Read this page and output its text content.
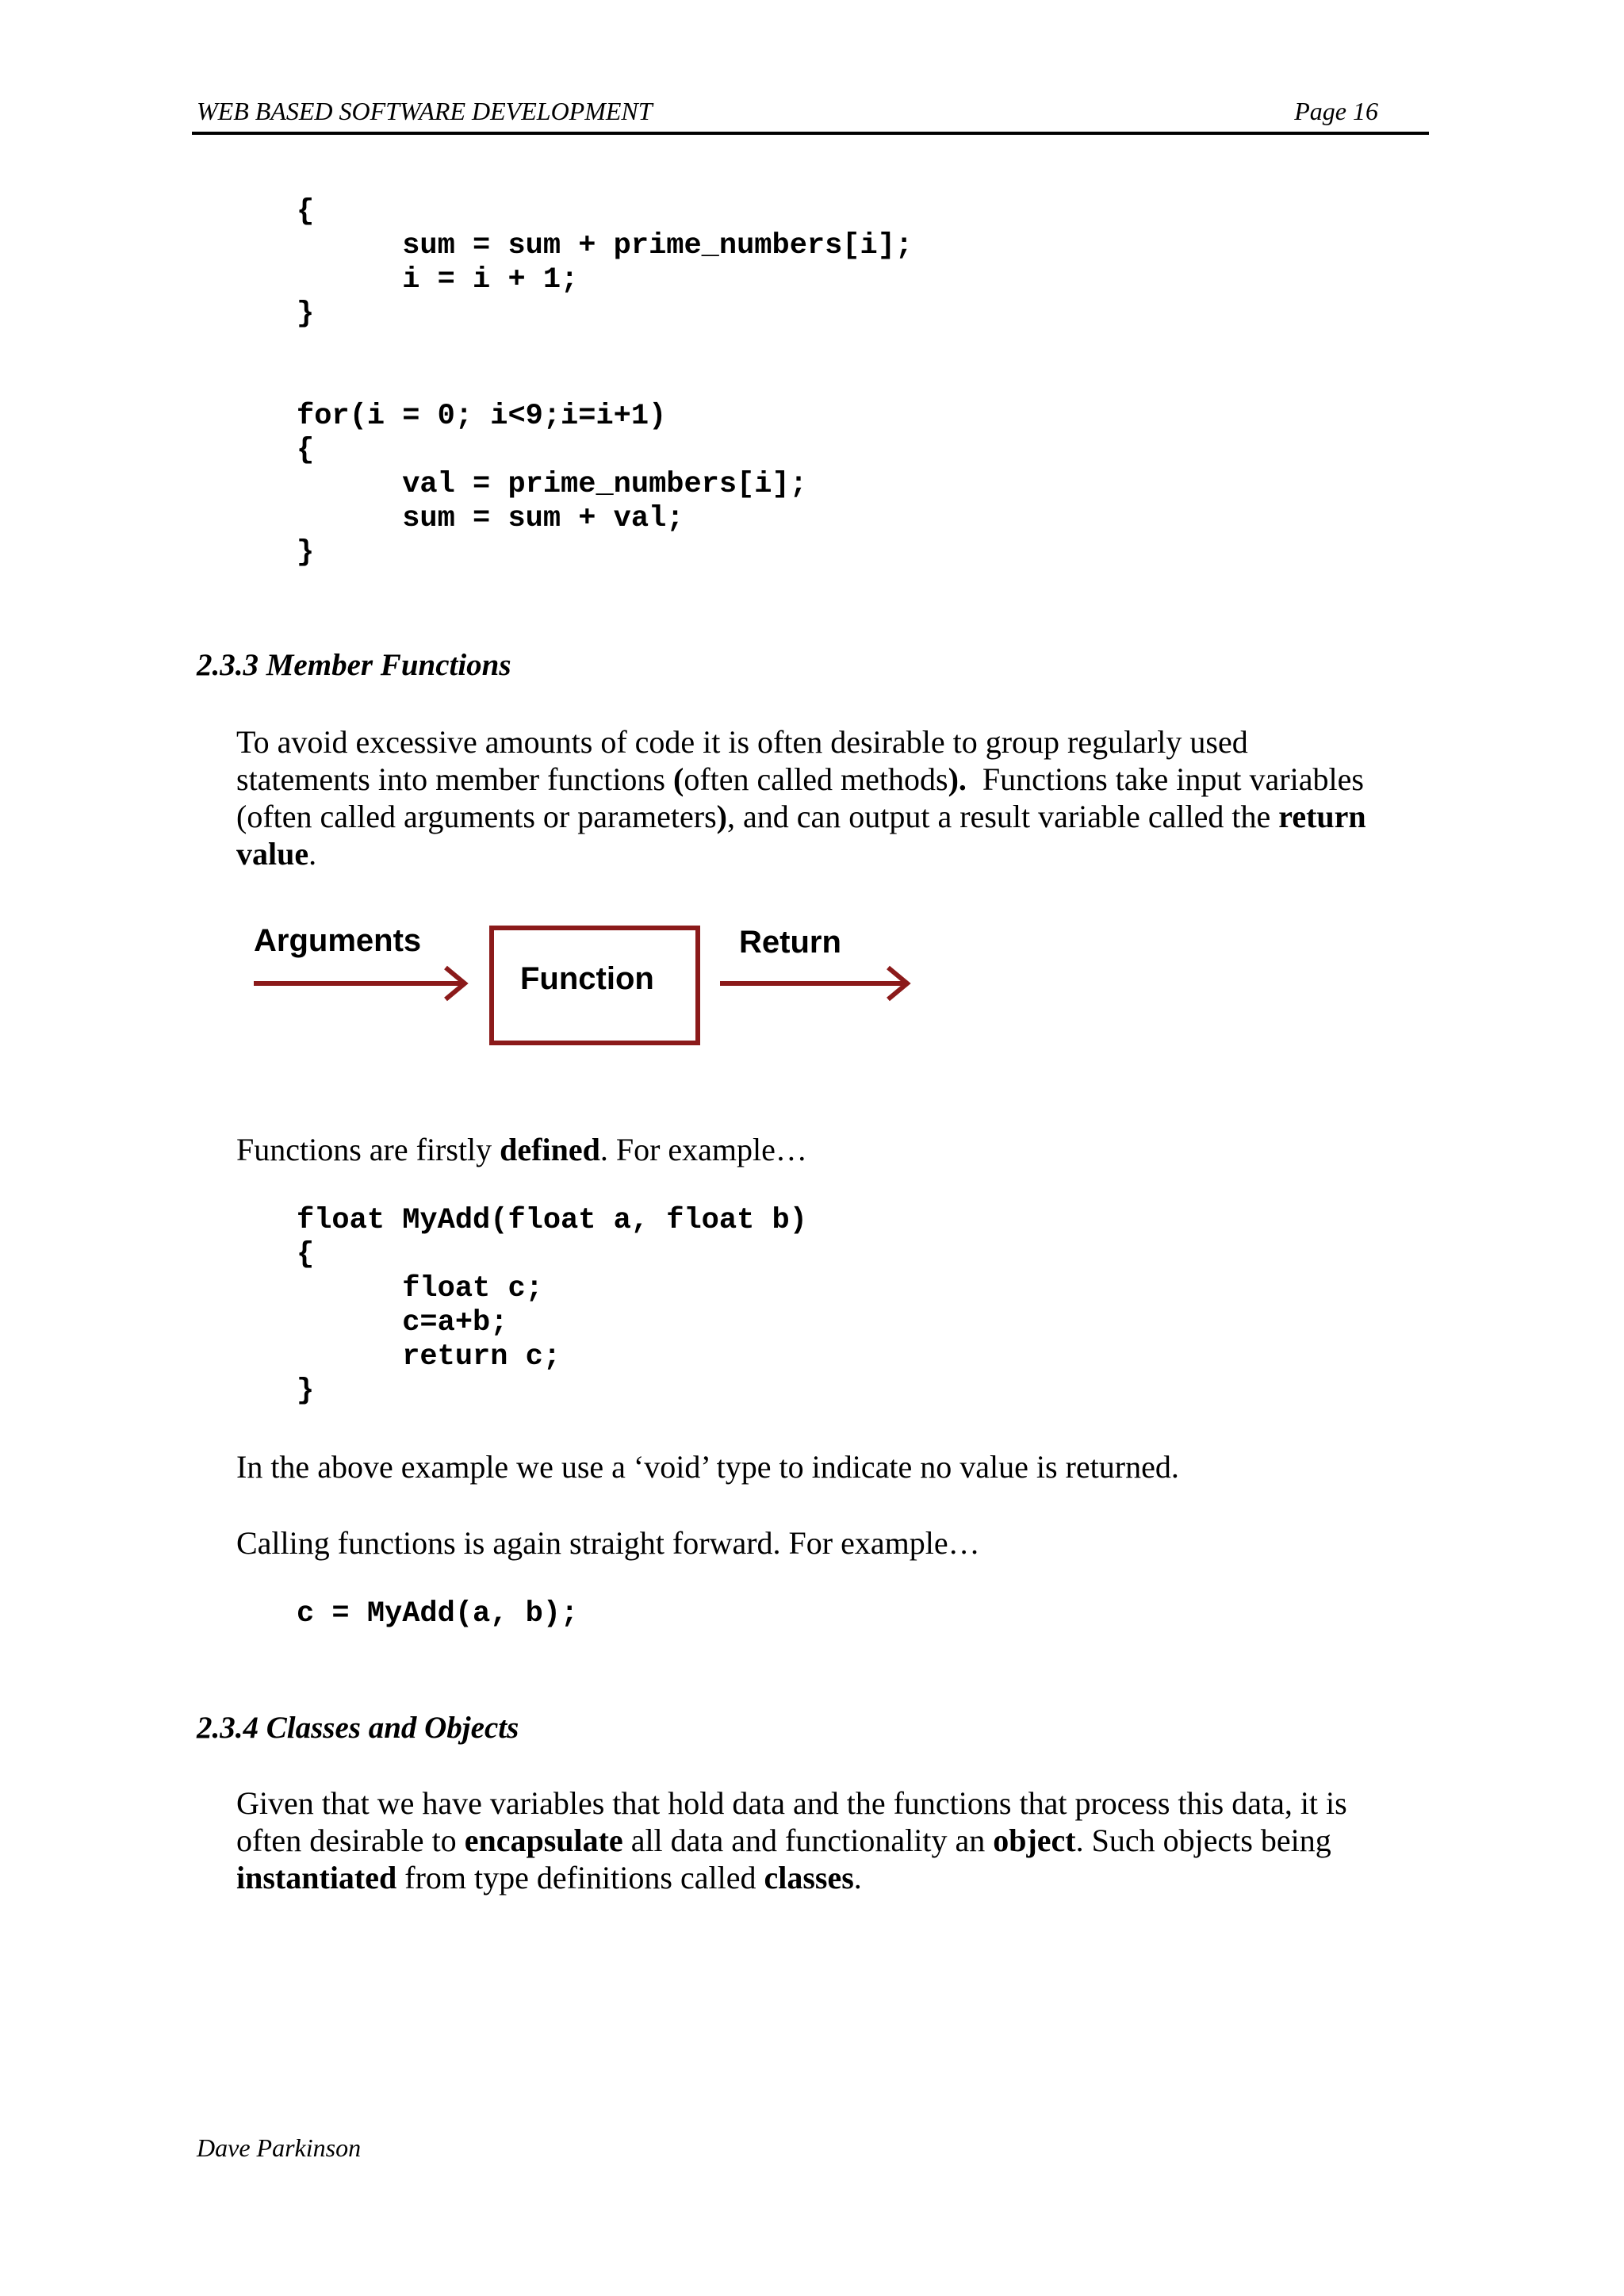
WEB BASED SOFTWARE DEVELOPMENT	Page 16
{
sum = sum + prime_numbers[i];
i = i + 1;
}
for(i = 0; i<9;i=i+1)
{
val = prime_numbers[i];
sum = sum + val;
}
2.3.3 Member Functions

To avoid excessive amounts of code it is often desirable to group regularly used
statements into member functions (often called methods).  Functions take input variables
(often called arguments or parameters), and can output a result variable called the return
value.

Arguments
Function
Return

Functions are firstly defined. For example…

float MyAdd(float a, float b)
{
float c;
c=a+b;
return c;
}

In the above example we use a ‘void’ type to indicate no value is returned.

Calling functions is again straight forward. For example…

c = MyAdd(a, b);
2.3.4 Classes and Objects

Given that we have variables that hold data and the functions that process this data, it is
often desirable to encapsulate all data and functionality an object. Such objects being
instantiated from type definitions called classes.

Dave Parkinson
